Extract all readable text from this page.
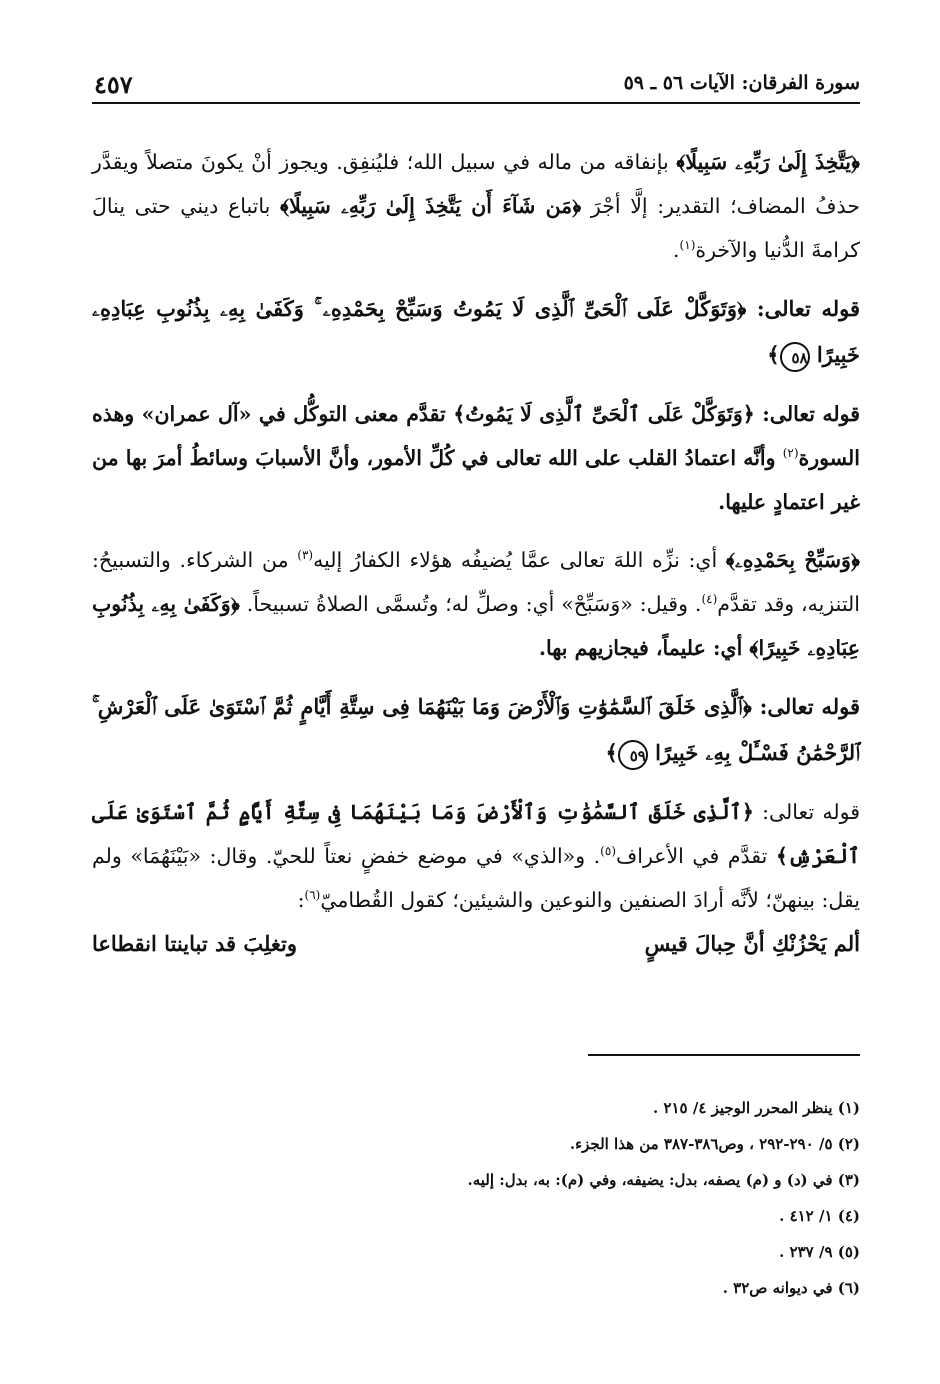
سورة الفرقان: الآيات ٥٦ ـ ٥٩
٤٥٧

﴿يَتَّخِذَ إِلَىٰ رَبِّهِۦ سَبِيلًا﴾ بإنفاقه من ماله في سبيل الله؛ فليُنفِق. ويجوز أنْ يكونَ متصلاً ويقدَّر حذفُ المضاف؛ التقدير: إلَّا أجْرَ ﴿مَن شَآءَ أَن يَتَّخِذَ إِلَىٰ رَبِّهِۦ سَبِيلًا﴾ باتباع ديني حتى ينالَ كرامةَ الدُّنيا والآخرة$^{(١)}$.

قوله تعالى: ﴿وَتَوَكَّلْ عَلَى ٱلْحَىِّ ٱلَّذِى لَا يَمُوتُ وَسَبِّحْ بِحَمْدِهِۦ ۚ وَكَفَىٰ بِهِۦ بِذُنُوبِ عِبَادِهِۦ خَبِيرًا ٥٨﴾

قوله تعالى: ﴿وَتَوَكَّلْ عَلَى ٱلْحَىِّ ٱلَّذِى لَا يَمُوتُ﴾ تقدَّم معنى التوكُّل في «آل عمران» وهذه السورة$^{(٢)}$ وأنَّه اعتمادُ القلب على الله تعالى في كُلِّ الأمور، وأنَّ الأسبابَ وسائطُ أمرَ بها من غير اعتمادٍ عليها.

﴿وَسَبِّحْ بِحَمْدِهِۦ﴾ أي: نزِّه اللهَ تعالى عمَّا يُضيفُه هؤلاء الكفارُ إليه$^{(٣)}$ من الشركاء. والتسبيحُ: التنزيه، وقد تقدَّم$^{(٤)}$. وقيل: «وَسَبِّحْ» أي: وصلِّ له؛ وتُسمَّى الصلاةُ تسبيحاً. ﴿وَكَفَىٰ بِهِۦ بِذُنُوبِ عِبَادِهِۦ خَبِيرًا﴾ أي: عليماً، فيجازيهم بها.

قوله تعالى: ﴿ٱلَّذِى خَلَقَ ٱلسَّمَٰوَٰتِ وَٱلْأَرْضَ وَمَا بَيْنَهُمَا فِى سِتَّةِ أَيَّامٍ ثُمَّ ٱسْتَوَىٰ عَلَى ٱلْعَرْشِ ۚ ٱلرَّحْمَٰنُ فَسْـَٔلْ بِهِۦ خَبِيرًا ٥٩﴾

قوله تعالى: ﴿ٱلَّذِى خَلَقَ ٱلسَّمَٰوَٰتِ وَٱلْأَرْضَ وَمَا بَيْنَهُمَا فِى سِتَّةِ أَيَّامٍ ثُمَّ ٱسْتَوَىٰ عَلَى ٱلْعَرْشِ﴾ تقدَّم في الأعراف$^{(٥)}$. و«الذي» في موضع خفضٍ نعتاً للحيّ. وقال: «بَيْنَهُمَا» ولم يقل: بينهنّ؛ لأنَّه أرادَ الصنفين والنوعين والشيئين؛ كقول القُطاميّ$^{(٦)}$:

ألم يَحْزُنْكِ أنَّ حِبالَ قيسٍ
وتغلِبَ قد تباينتا انقطاعا
(١) ينظر المحرر الوجيز ٤/ ٢١٥ .
(٢) ٥/ ٢٩٠-٢٩٢ ، وص٣٨٦-٣٨٧ من هذا الجزء.
(٣) في (د) و (م) يصفه، بدل: يضيفه، وفي (م): به، بدل: إليه.
(٤) ١/ ٤١٢ .
(٥) ٩/ ٢٣٧ .
(٦) في ديوانه ص٣٢ .
